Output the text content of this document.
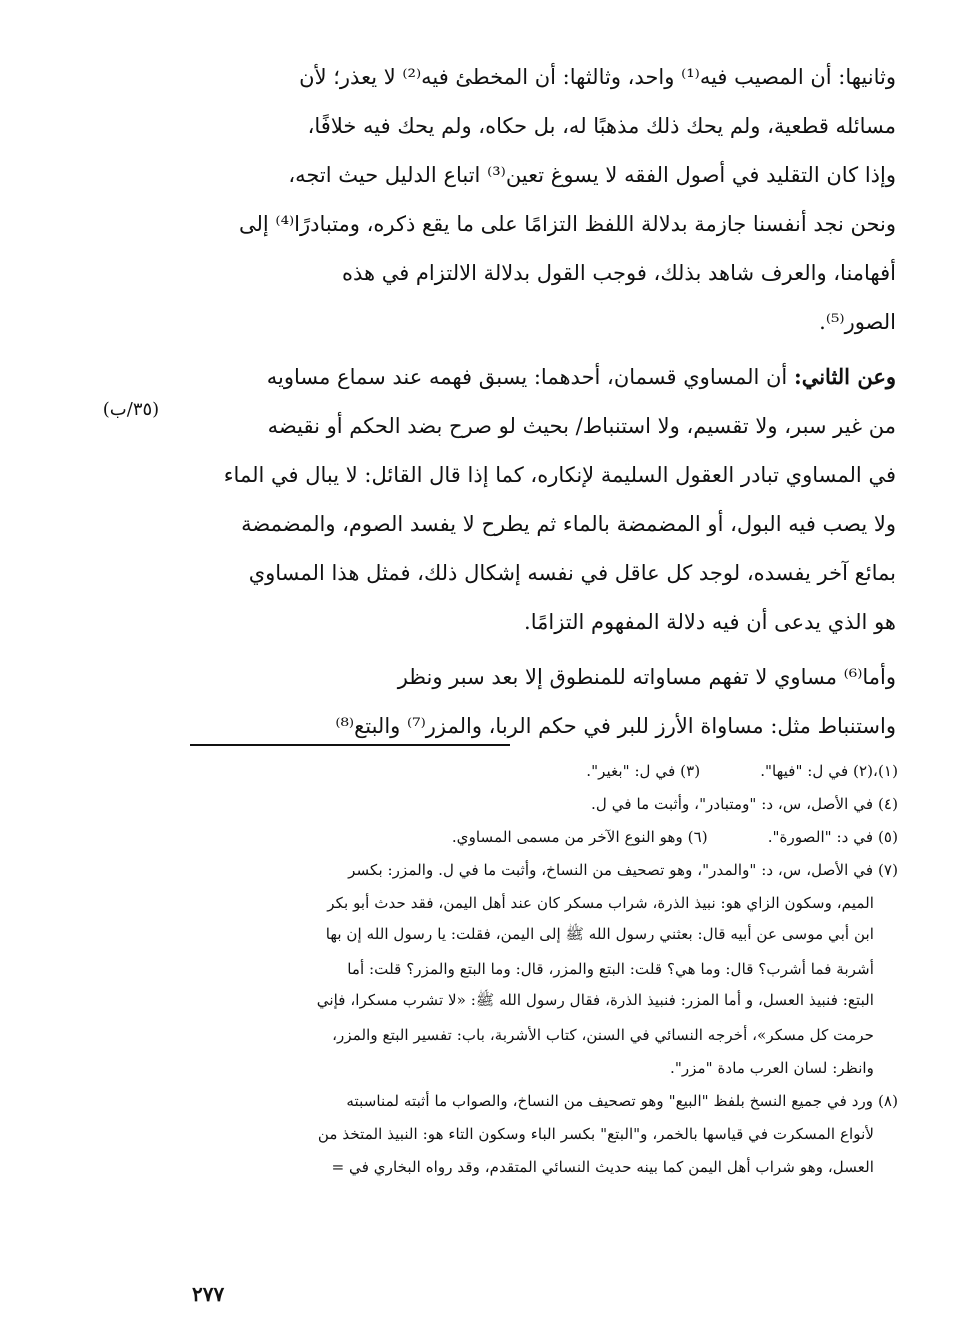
وثانيها: أن المصيب فيه⁽¹⁾ واحد، وثالثها: أن المخطئ فيه⁽²⁾ لا يعذر؛ لأن
مسائله قطعية، ولم يحك ذلك مذهبًا له، بل حكاه، ولم يحك فيه خلافًا،
وإذا كان التقليد في أصول الفقه لا يسوغ تعين⁽³⁾ اتباع الدليل حيث اتجه،
ونحن نجد أنفسنا جازمة بدلالة اللفظ التزامًا على ما يقع ذكره، ومتبادرًا⁽⁴⁾ إلى
أفهامنا، والعرف شاهد بذلك، فوجب القول بدلالة الالتزام في هذه
الصور⁽⁵⁾.
وعن الثاني:

أن المساوي قسمان، أحدهما: يسبق فهمه عند سماع مساويه
من غير سبر، ولا تقسيم، ولا استنباط/ بحيث لو صرح بضد الحكم أو نقيضه
في المساوي تبادر العقول السليمة لإنكاره، كما إذا قال القائل: لا يبال في الماء
ولا يصب فيه البول، أو المضمضة بالماء ثم يطرح لا يفسد الصوم، والمضمضة
بمائع آخر يفسده، لوجد كل عاقل في نفسه إشكال ذلك، فمثل هذا المساوي
هو الذي يدعى أن فيه دلالة المفهوم التزامًا.
وأما⁽⁶⁾ مساوي لا تفهم مساواته للمنطوق إلا بعد سبر ونظر
واستنباط مثل: مساواة الأرز للبر في حكم الربا، والمزر⁽⁷⁾ والبتع⁽⁸⁾
(٣٥/ب)
(١)،(٢) في ل: "فيها".
(٣) في ل: "بغير".
(٤) في الأصل، س، د: "ومتبادر"، وأثبت ما في ل.
(٥) في د: "الصورة".
(٦) وهو النوع الآخر من مسمى المساوي.
(٧) في الأصل، س، د: "والمدر"، وهو تصحيف من النساخ، وأثبت ما في ل. والمزر: بكسر
الميم، وسكون الزاي هو: نبيذ الذرة، شراب مسكر كان عند أهل اليمن، فقد حدث أبو بكر
ابن أبي موسى عن أبيه قال: بعثني رسول الله ﷺ إلى اليمن، فقلت: يا رسول الله إن بها
أشربة فما أشرب؟ قال: وما هي؟ قلت: البتع والمزر، قال: وما البتع والمزر؟ قلت: أما
البتع: فنبيذ العسل، و أما المزر: فنبيذ الذرة، فقال رسول الله ﷺ: «لا تشرب مسكرا، فإني
حرمت كل مسكر»، أخرجه النسائي في السنن، كتاب الأشربة، باب: تفسير البتع والمزر،
وانظر: لسان العرب مادة "مزر".
(٨) ورد في جميع النسخ بلفظ "البيع" وهو تصحيف من النساخ، والصواب ما أثبته لمناسبته
لأنواع المسكرت في قياسها بالخمر، و"البتع" بكسر الباء وسكون التاء هو: النبيذ المتخذ من
العسل، وهو شراب أهل اليمن كما بينه حديث النسائي المتقدم، وقد رواه البخاري في =
٢٧٧
